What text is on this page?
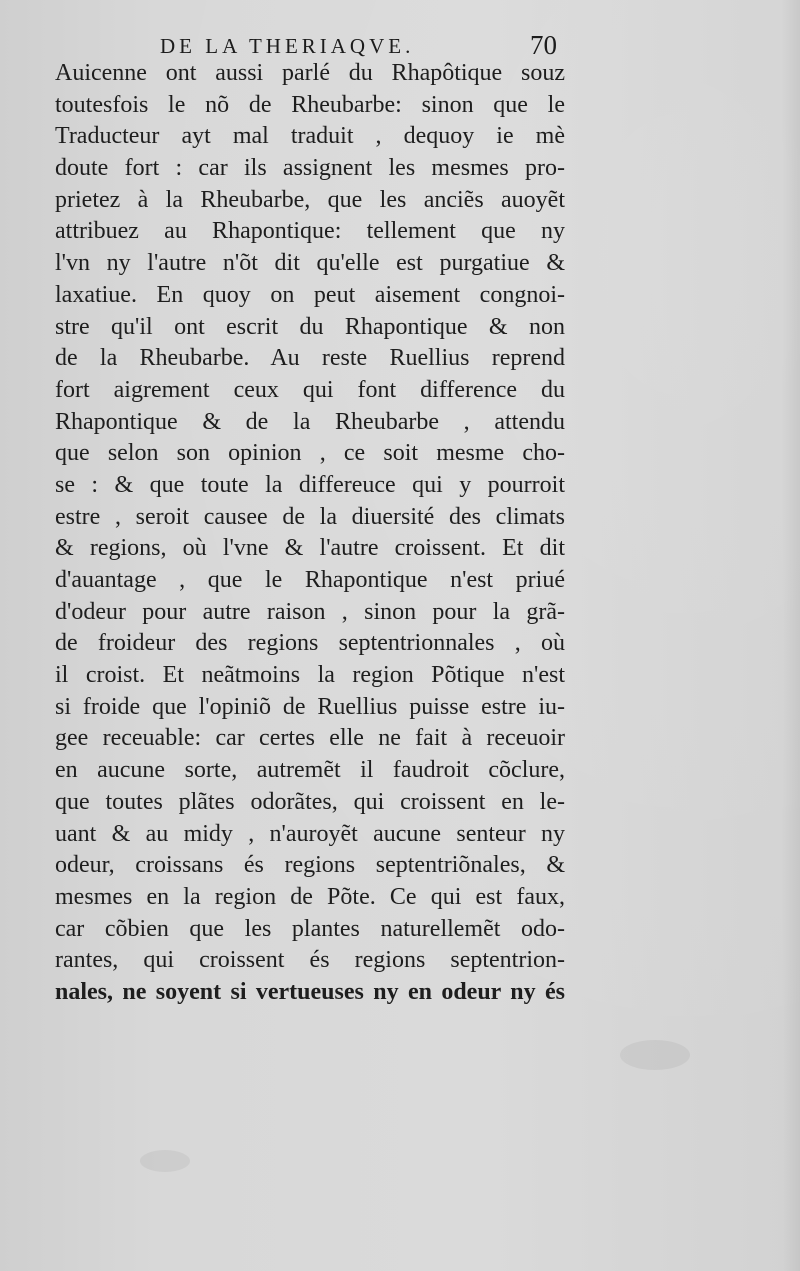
DE LA THERIAQVE.	70
Auicenne ont aussi parlé du Rhapôtique souz
toutesfois le nõ de Rheubarbe: sinon que le
Traducteur ayt mal traduit , dequoy ie mè
doute fort : car ils assignent les mesmes pro-
prietez à la Rheubarbe, que les anciẽs auoyẽt
attribuez au Rhapontique: tellement que ny
l'vn ny l'autre n'õt dit qu'elle est purgatiue &
laxatiue. En quoy on peut aisement congnoi-
stre qu'il ont escrit du Rhapontique & non
de la Rheubarbe. Au reste Ruellius reprend
fort aigrement ceux qui font difference du
Rhapontique & de la Rheubarbe , attendu
que selon son opinion , ce soit mesme cho-
se : & que toute la differeuce qui y pourroit
estre , seroit causee de la diuersité des climats
& regions, où l'vne & l'autre croissent. Et dit
d'auantage , que le Rhapontique n'est priué
d'odeur pour autre raison , sinon pour la grã-
de froideur des regions septentrionnales , où
il croist. Et neãtmoins la region Põtique n'est
si froide que l'opiniõ de Ruellius puisse estre iu-
gee receuable: car certes elle ne fait à receuoir
en aucune sorte, autremẽt il faudroit cõclure,
que toutes plãtes odorãtes, qui croissent en le-
uant & au midy , n'auroyẽt aucune senteur ny
odeur, croissans és regions septentriõnales, &
mesmes en la region de Põte. Ce qui est faux,
car cõbien que les plantes naturellemẽt odo-
rantes, qui croissent és regions septentrion-
nales, ne soyent si vertueuses ny en odeur ny és
